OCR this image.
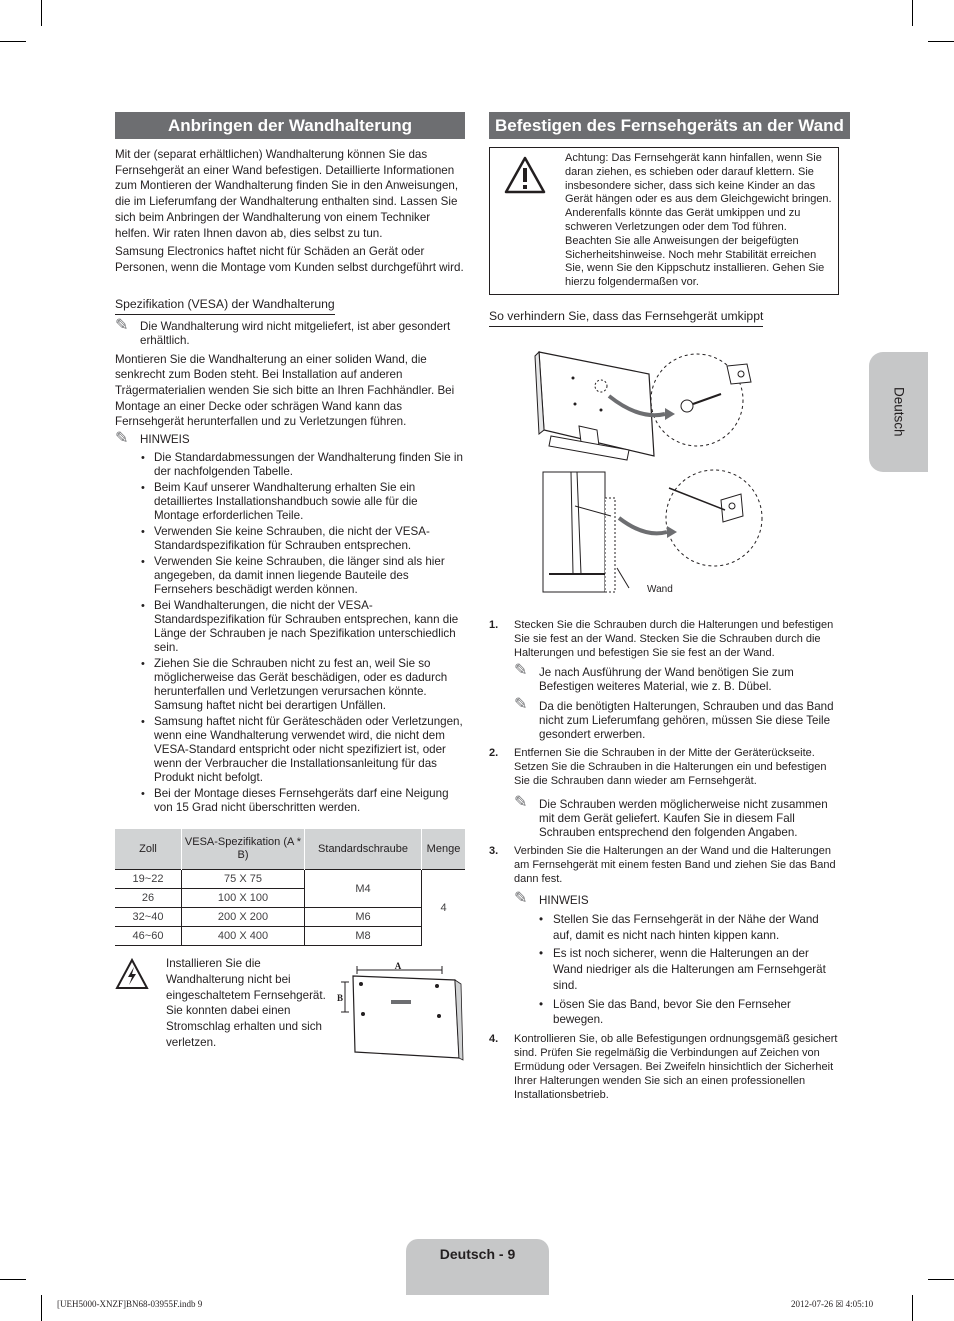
Anbringen der Wandhalterung

Mit der (separat erhältlichen) Wandhalterung können Sie das Fernsehgerät an einer Wand befestigen. Detaillierte Informationen zum Montieren der Wandhalterung finden Sie in den Anweisungen, die im Lieferumfang der Wandhalterung enthalten sind. Lassen Sie sich beim Anbringen der Wandhalterung von einem Techniker helfen. Wir raten Ihnen davon ab, dies selbst zu tun.

Samsung Electronics haftet nicht für Schäden an Gerät oder Personen, wenn die Montage vom Kunden selbst durchgeführt wird.

Spezifikation (VESA) der Wandhalterung
✎ Die Wandhalterung wird nicht mitgeliefert, ist aber gesondert erhältlich.

Montieren Sie die Wandhalterung an einer soliden Wand, die senkrecht zum Boden steht. Bei Installation auf anderen Trägermaterialien wenden Sie sich bitte an Ihren Fachhändler. Bei Montage an einer Decke oder schrägen Wand kann das Fernsehgerät herunterfallen und zu Verletzungen führen.

✎ HINWEIS
• Die Standardabmessungen der Wandhalterung finden Sie in der nachfolgenden Tabelle.
• Beim Kauf unserer Wandhalterung erhalten Sie ein detailliertes Installationshandbuch sowie alle für die Montage erforderlichen Teile.
• Verwenden Sie keine Schrauben, die nicht der VESA-Standardspezifikation für Schrauben entsprechen.
• Verwenden Sie keine Schrauben, die länger sind als hier angegeben, da damit innen liegende Bauteile des Fernsehers beschädigt werden können.
• Bei Wandhalterungen, die nicht der VESA-Standardspezifikation für Schrauben entsprechen, kann die Länge der Schrauben je nach Spezifikation unterschiedlich sein.
• Ziehen Sie die Schrauben nicht zu fest an, weil Sie so möglicherweise das Gerät beschädigen, oder es dadurch herunterfallen und Verletzungen verursachen könnte. Samsung haftet nicht bei derartigen Unfällen.
• Samsung haftet nicht für Geräteschäden oder Verletzungen, wenn eine Wandhalterung verwendet wird, die nicht dem VESA-Standard entspricht oder nicht spezifiziert ist, oder wenn der Verbraucher die Installationsanleitung für das Produkt nicht befolgt.
• Bei der Montage dieses Fernsehgeräts darf eine Neigung von 15 Grad nicht überschritten werden.
Zoll	VESA-Spezifikation (A * B)	Standardschraube	Menge
19~22	75 X 75	M4	4
26	100 X 100		
32~40	200 X 200	M6	
46~60	400 X 400	M8	
Installieren Sie die Wandhalterung nicht bei eingeschaltetem Fernsehgerät. Sie konnten dabei einen Stromschlag erhalten und sich verletzen.
A
B
Befestigen des Fernsehgeräts an der Wand
Achtung: Das Fernsehgerät kann hinfallen, wenn Sie daran ziehen, es schieben oder darauf klettern. Sie insbesondere sicher, dass sich keine Kinder an das Gerät hängen oder es aus dem Gleichgewicht bringen. Anderenfalls könnte das Gerät umkippen und zu schweren Verletzungen oder dem Tod führen. Beachten Sie alle Anweisungen der beigefügten Sicherheitshinweise. Noch mehr Stabilität erreichen Sie, wenn Sie den Kippschutz installieren. Gehen Sie hierzu folgendermaßen vor.
So verhindern Sie, dass das Fernsehgerät umkippt
Wand
1. Stecken Sie die Schrauben durch die Halterungen und befestigen Sie sie fest an der Wand. Stecken Sie die Schrauben durch die Halterungen und befestigen Sie sie fest an der Wand.
✎ Je nach Ausführung der Wand benötigen Sie zum Befestigen weiteres Material, wie z. B. Dübel.
✎ Da die benötigten Halterungen, Schrauben und das Band nicht zum Lieferumfang gehören, müssen Sie diese Teile gesondert erwerben.
2. Entfernen Sie die Schrauben in der Mitte der Geräterückseite. Setzen Sie die Schrauben in die Halterungen ein und befestigen Sie die Schrauben dann wieder am Fernsehgerät.
✎ Die Schrauben werden möglicherweise nicht zusammen mit dem Gerät geliefert. Kaufen Sie in diesem Fall Schrauben entsprechend den folgenden Angaben.
3. Verbinden Sie die Halterungen an der Wand und die Halterungen am Fernsehgerät mit einem festen Band und ziehen Sie das Band dann fest.
✎ HINWEIS
• Stellen Sie das Fernsehgerät in der Nähe der Wand auf, damit es nicht nach hinten kippen kann.
• Es ist noch sicherer, wenn die Halterungen an der Wand niedriger als die Halterungen am Fernsehgerät sind.
• Lösen Sie das Band, bevor Sie den Fernseher bewegen.
4. Kontrollieren Sie, ob alle Befestigungen ordnungsgemäß gesichert sind. Prüfen Sie regelmäßig die Verbindungen auf Zeichen von Ermüdung oder Versagen. Bei Zweifeln hinsichtlich der Sicherheit Ihrer Halterungen wenden Sie sich an einen professionellen Installationsbetrieb.
Deutsch
Deutsch - 9
[UEH5000-XNZF]BN68-03955F.indb 9	2012-07-26 ☒ 4:05:10
